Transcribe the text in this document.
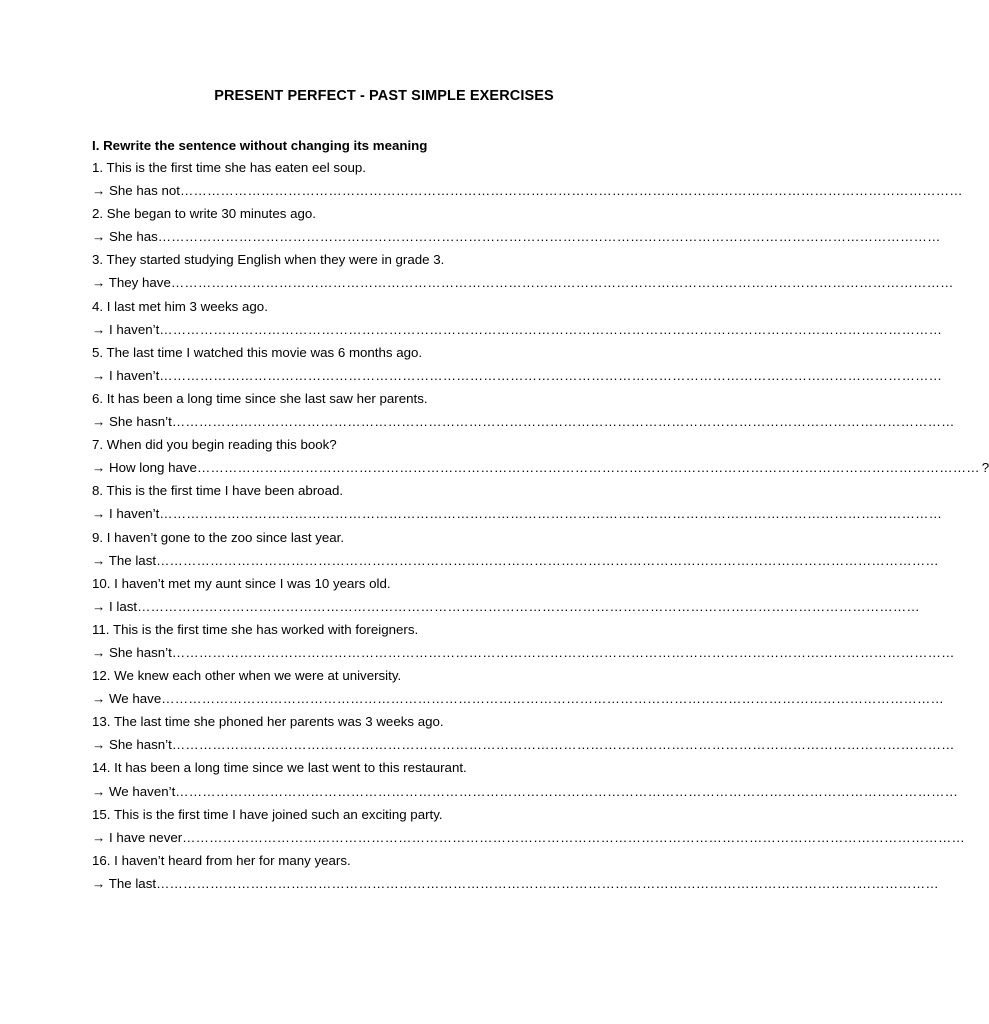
PRESENT PERFECT - PAST SIMPLE EXERCISES
I. Rewrite the sentence without changing its meaning
1. This is the first time she has eaten eel soup.
→ She has not …………………………………………………………………………………………………………………………………………………………
2. She began to write 30 minutes ago.
→ She has …………………………………………………………………………………………………………………………………………………………
3. They started studying English when they were in grade 3.
→ They have …………………………………………………………………………………………………………………………………………………………
4. I last met him 3 weeks ago.
→ I haven’t …………………………………………………………………………………………………………………………………………………………
5. The last time I watched this movie was 6 months ago.
→ I haven’t …………………………………………………………………………………………………………………………………………………………
6. It has been a long time since she last saw her parents.
→ She hasn’t …………………………………………………………………………………………………………………………………………………………
7. When did you begin reading this book?
→ How long have ………………………………………………………………………………………………………………………………………………………… ?
8. This is the first time I have been abroad.
→ I haven’t …………………………………………………………………………………………………………………………………………………………
9. I haven’t gone to the zoo since last year.
→ The last …………………………………………………………………………………………………………………………………………………………
10. I haven’t met my aunt since I was 10 years old.
→ I last …………………………………………………………………………………………………………………………………………………………
11. This is the first time she has worked with foreigners.
→ She hasn’t …………………………………………………………………………………………………………………………………………………………
12. We knew each other when we were at university.
→ We have …………………………………………………………………………………………………………………………………………………………
13. The last time she phoned her parents was 3 weeks ago.
→ She hasn’t …………………………………………………………………………………………………………………………………………………………
14. It has been a long time since we last went to this restaurant.
→ We haven’t …………………………………………………………………………………………………………………………………………………………
15. This is the first time I have joined such an exciting party.
→ I have never …………………………………………………………………………………………………………………………………………………………
16. I haven’t heard from her for many years.
→ The last …………………………………………………………………………………………………………………………………………………………
